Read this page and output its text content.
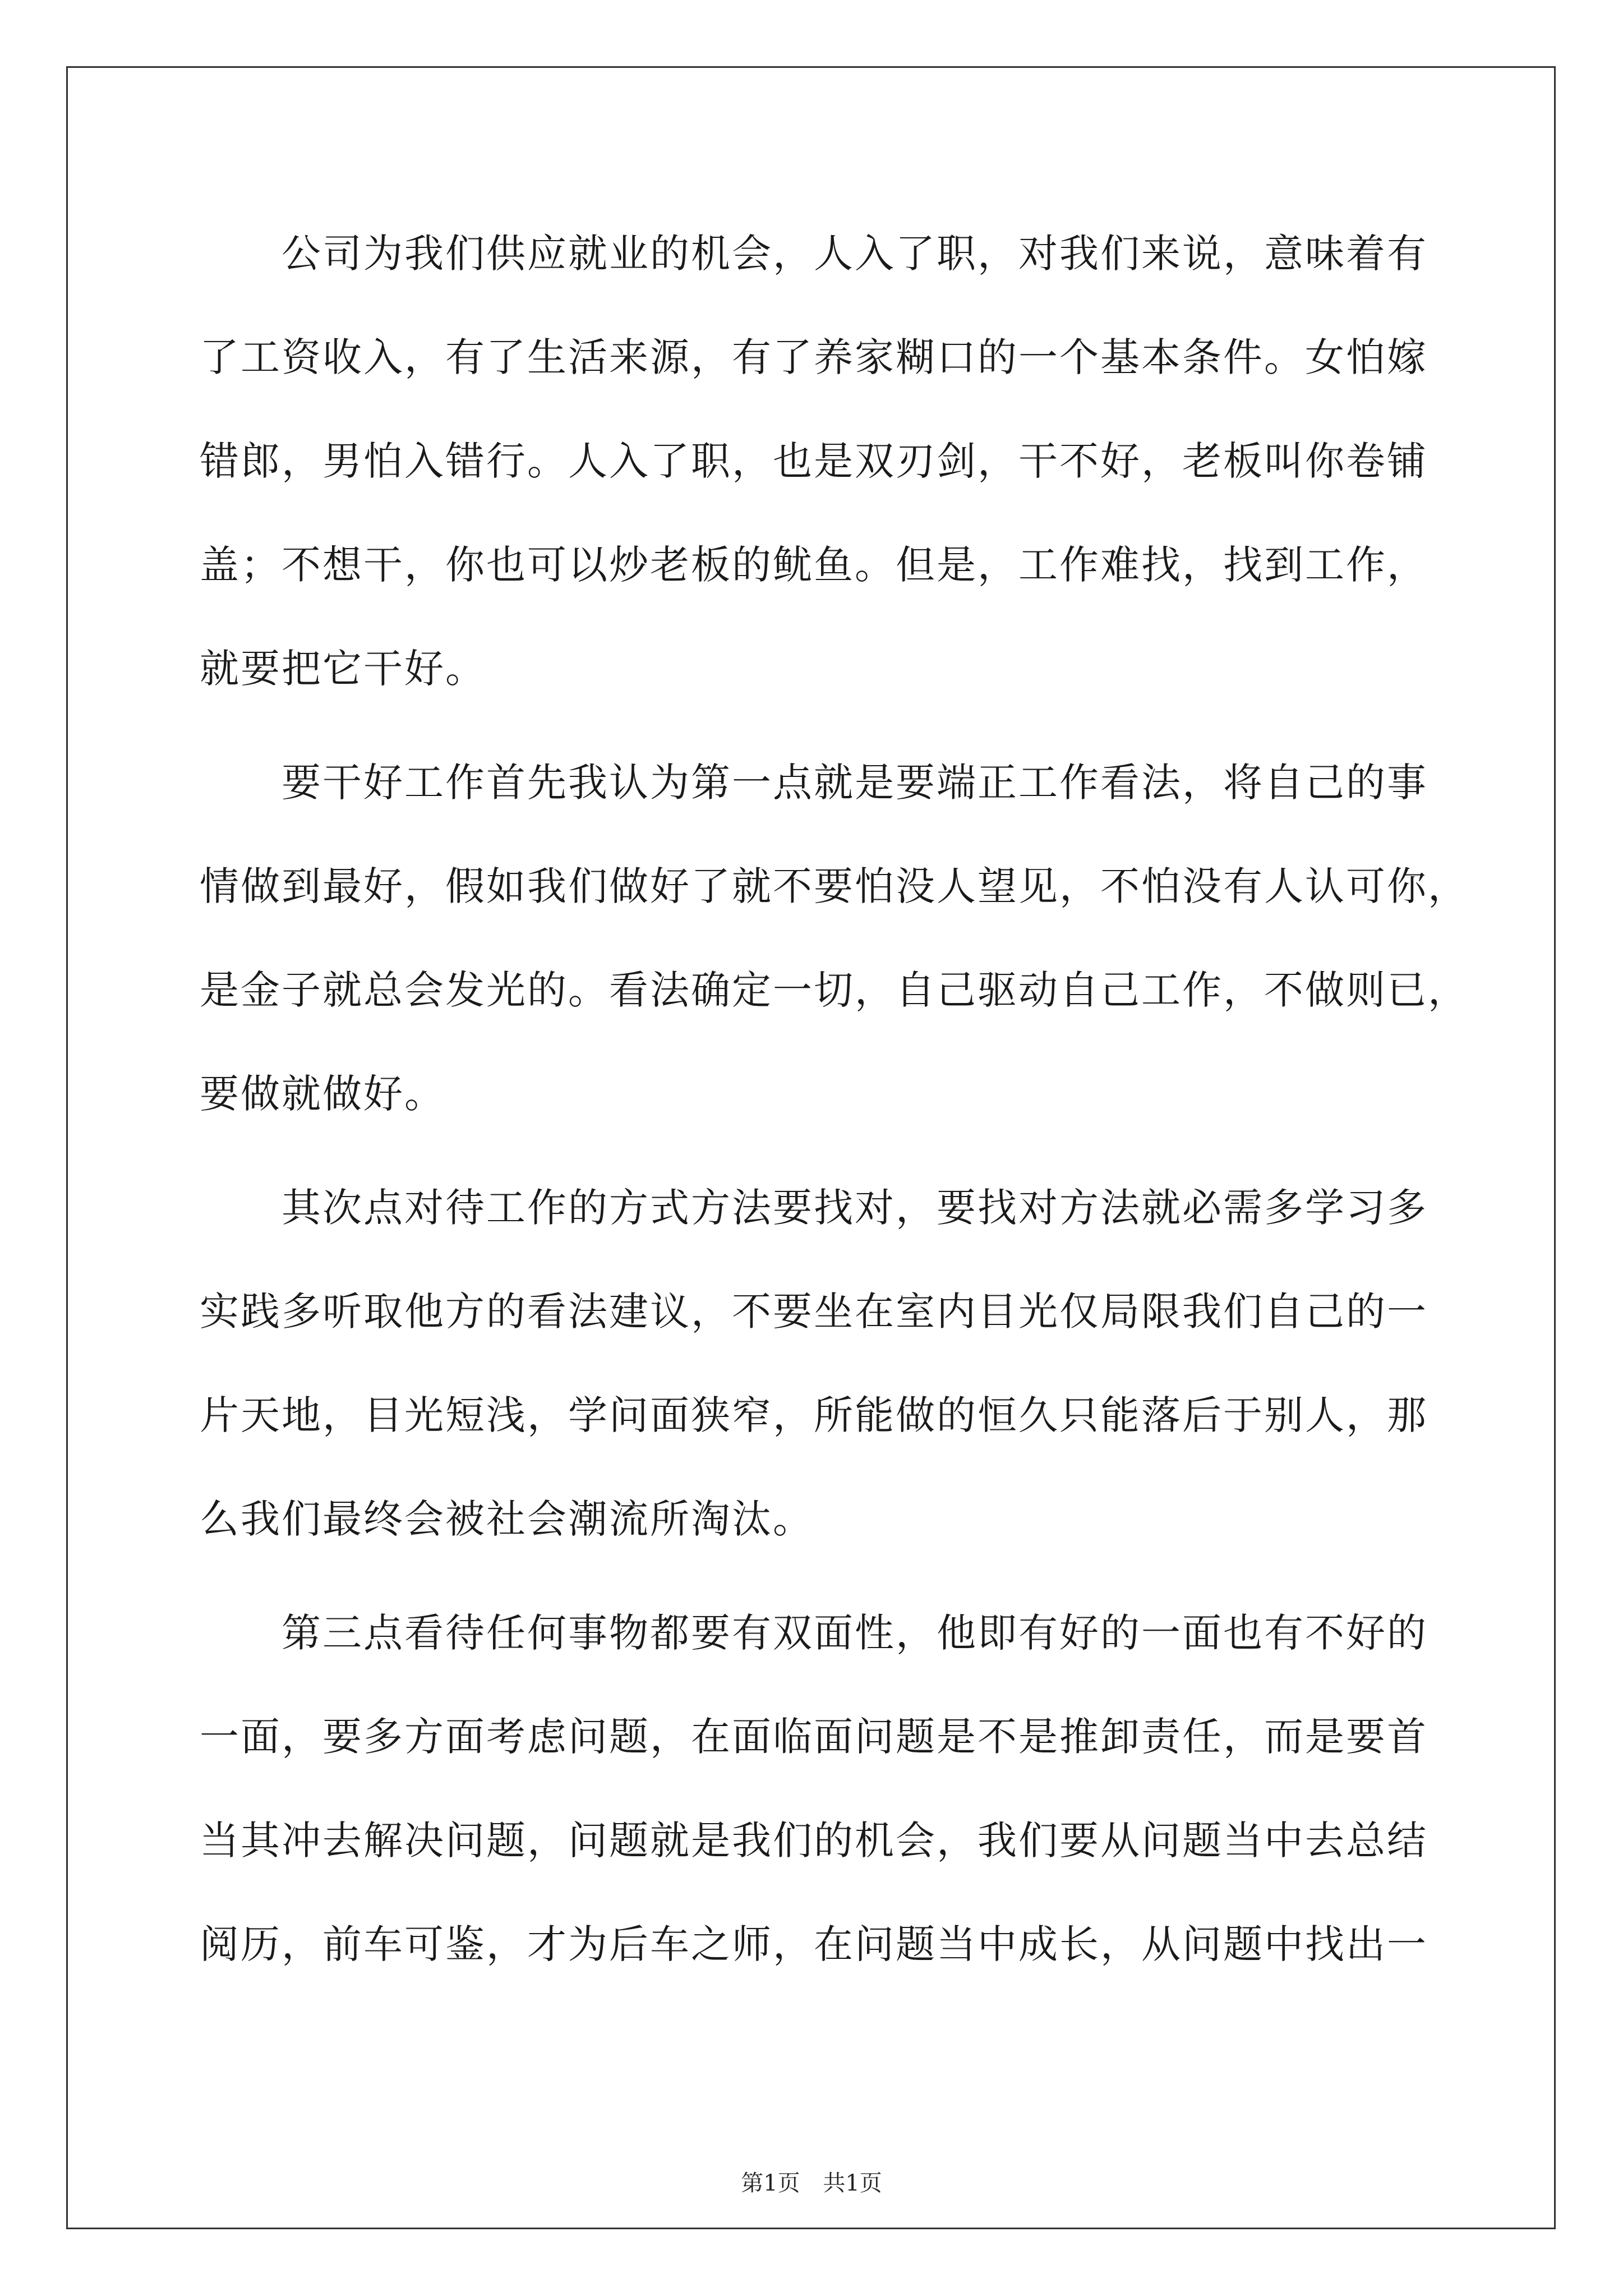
公司为我们供应就业的机会，人入了职，对我们来说，意味着有
了工资收入，有了生活来源，有了养家糊口的一个基本条件。女怕嫁
错郎，男怕入错行。人入了职，也是双刃剑，干不好，老板叫你卷铺
盖；不想干，你也可以炒老板的鱿鱼。但是，工作难找，找到工作，
就要把它干好。
要干好工作首先我认为第一点就是要端正工作看法，将自己的事
情做到最好，假如我们做好了就不要怕没人望见，不怕没有人认可你，
是金子就总会发光的。看法确定一切，自己驱动自己工作，不做则已，
要做就做好。
其次点对待工作的方式方法要找对，要找对方法就必需多学习多
实践多听取他方的看法建议，不要坐在室内目光仅局限我们自己的一
片天地，目光短浅，学问面狭窄，所能做的恒久只能落后于别人，那
么我们最终会被社会潮流所淘汰。
第三点看待任何事物都要有双面性，他即有好的一面也有不好的
一面，要多方面考虑问题，在面临面问题是不是推卸责任，而是要首
当其冲去解决问题，问题就是我们的机会，我们要从问题当中去总结
阅历，前车可鉴，才为后车之师，在问题当中成长，从问题中找出一
第1页 共1页
